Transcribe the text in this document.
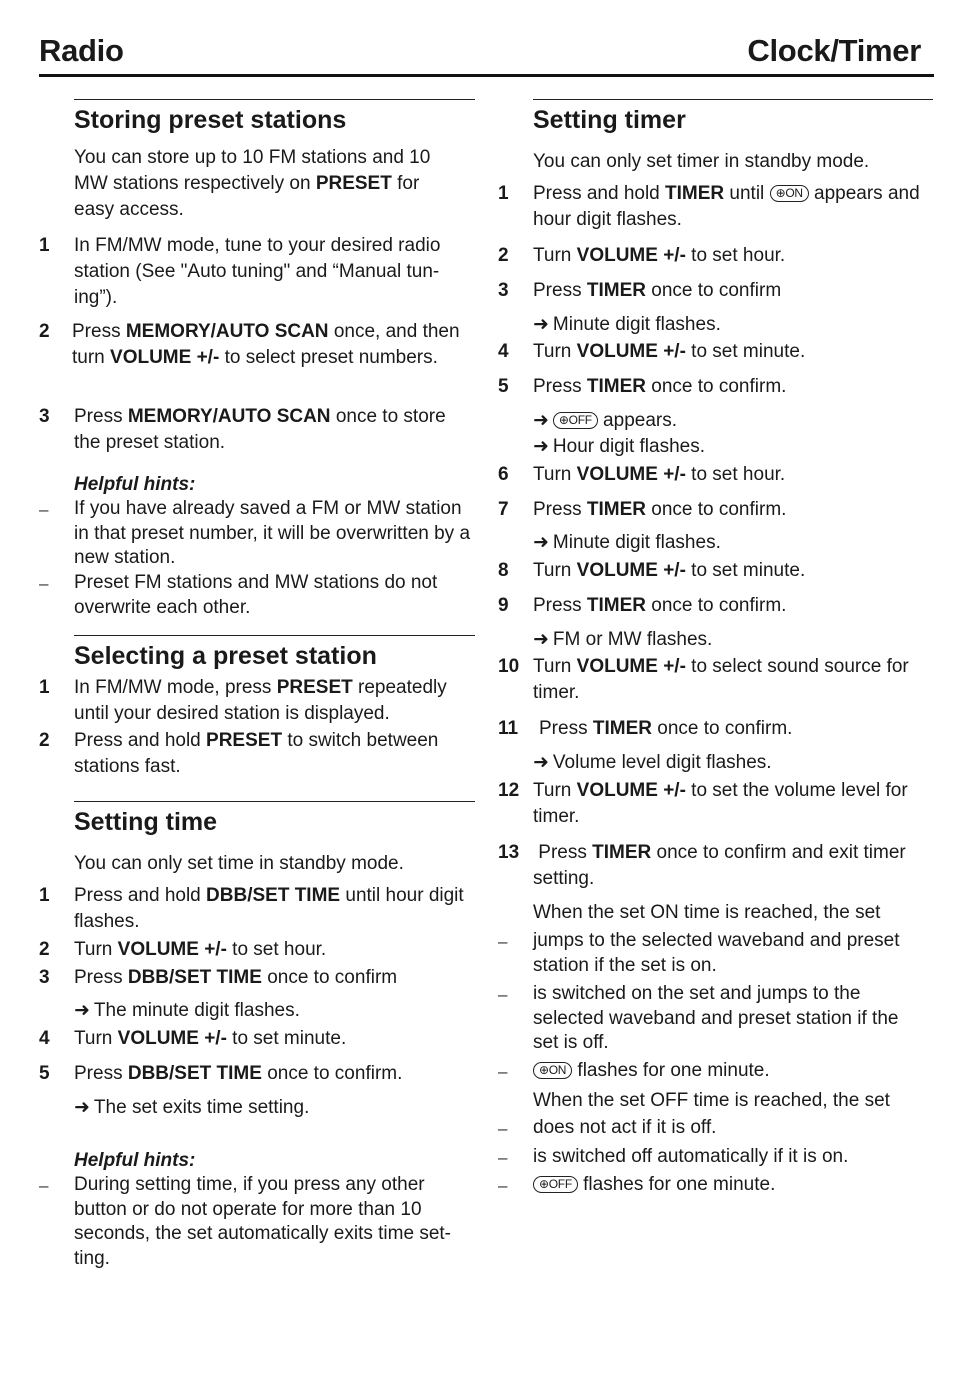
Radio	Clock/Timer
Storing preset stations
You can store up to 10 FM stations and 10 MW stations respectively on PRESET for easy access.
1 In FM/MW mode, tune to your desired radio station (See "Auto tuning" and “Manual tun-ing”).
2 Press MEMORY/AUTO SCAN once, and then turn VOLUME +/- to select preset numbers.
3 Press MEMORY/AUTO SCAN once to store the preset station.
Helpful hints:
– If you have already saved a FM or MW station in that preset number, it will be overwritten by a new station.
– Preset FM stations and MW stations do not overwrite each other.
Selecting a preset station
1 In FM/MW mode, press PRESET repeatedly until your desired station is displayed.
2 Press and hold PRESET to switch between stations fast.
Setting time
You can only set time in standby mode.
1 Press and hold DBB/SET TIME until hour digit flashes.
2 Turn VOLUME +/- to set hour.
3 Press DBB/SET TIME once to confirm
➜ The minute digit flashes.
4 Turn VOLUME +/- to set minute.
5 Press DBB/SET TIME once to confirm.
➜ The set exits time setting.
Helpful hints:
– During setting time, if you press any other button or do not operate for more than 10 seconds, the set automatically exits time set-ting.
Setting timer
You can only set timer in standby mode.
1 Press and hold TIMER until ⊕ON appears and hour digit flashes.
2 Turn VOLUME +/- to set hour.
3 Press TIMER once to confirm
➜ Minute digit flashes.
4 Turn VOLUME +/- to set minute.
5 Press TIMER once to confirm.
➜ ⊕OFF appears.
➜ Hour digit flashes.
6 Turn VOLUME +/- to set hour.
7 Press TIMER once to confirm.
➜ Minute digit flashes.
8 Turn VOLUME +/- to set minute.
9 Press TIMER once to confirm.
➜ FM or MW flashes.
10 Turn VOLUME +/- to select sound source for timer.
11 Press TIMER once to confirm.
➜ Volume level digit flashes.
12 Turn VOLUME +/- to set the volume level for timer.
13 Press TIMER once to confirm and exit timer setting.
When the set ON time is reached, the set
– jumps to the selected waveband and preset station if the set is on.
– is switched on the set and jumps to the selected waveband and preset station if the set is off.
–	⊕ON flashes for one minute.
When the set OFF time is reached, the set
– does not act if it is off.
– is switched off automatically if it is on.
–	⊕OFF flashes for one minute.
